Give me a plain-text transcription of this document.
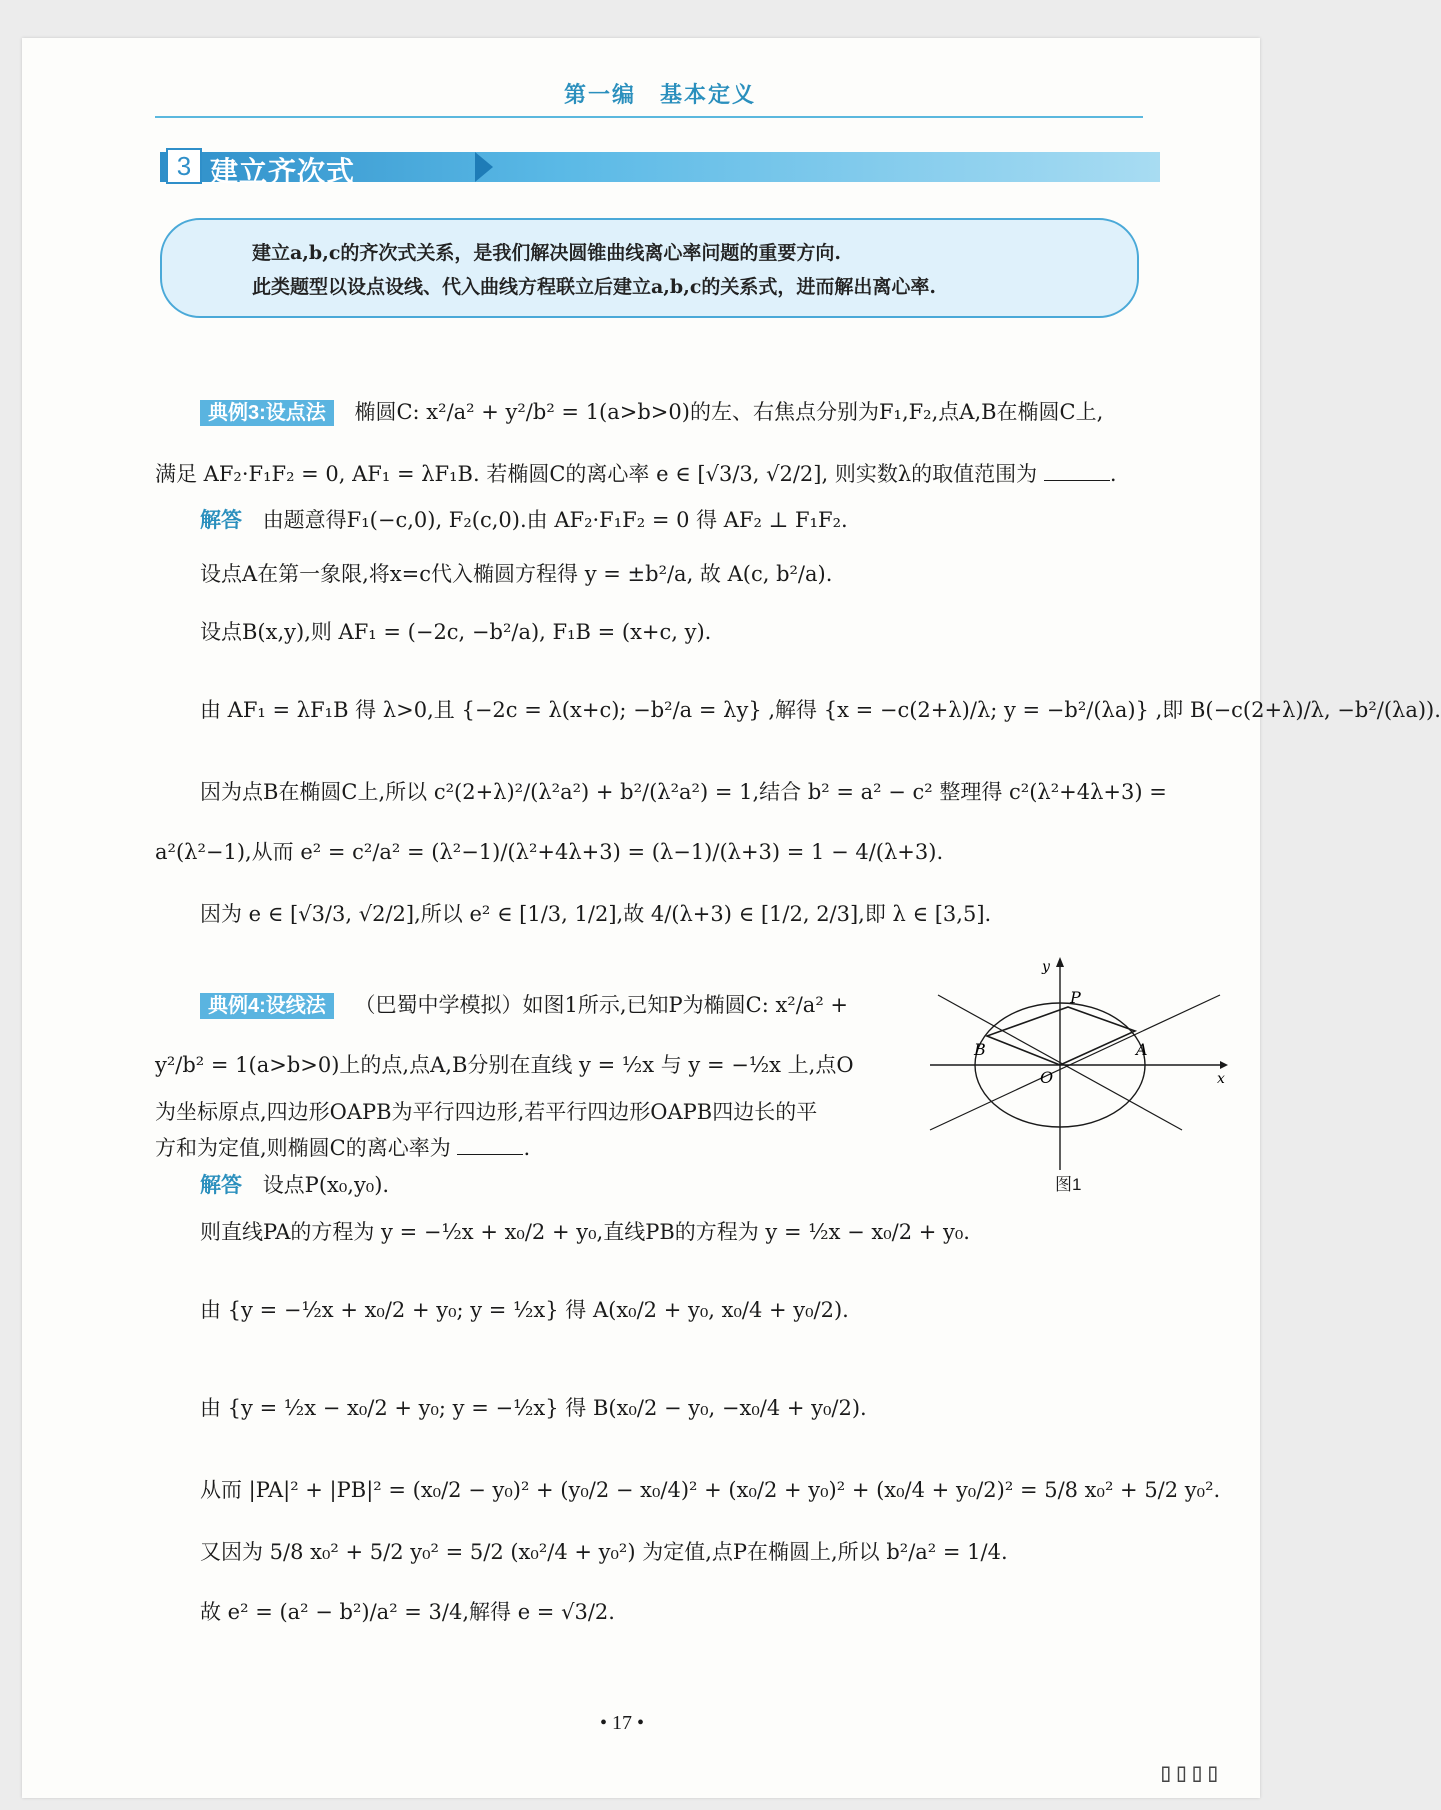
第一编　基本定义
3 建立齐次式

建立a,b,c的齐次式关系，是我们解决圆锥曲线离心率问题的重要方向.

此类题型以设点设线、代入曲线方程联立后建立a,b,c的关系式，进而解出离心率.

典例3:设点法 椭圆C: x²/a² + y²/b² = 1(a>b>0)的左、右焦点分别为F₁,F₂,点A,B在椭圆C上,
满足 AF₂·F₁F₂ = 0, AF₁ = λF₁B. 若椭圆C的离心率 e ∈ [√3/3, √2/2], 则实数λ的取值范围为	.
解答 由题意得F₁(−c,0), F₂(c,0).由 AF₂·F₁F₂ = 0 得 AF₂ ⊥ F₁F₂.
设点A在第一象限,将x=c代入椭圆方程得 y = ±b²/a, 故 A(c, b²/a).
设点B(x,y),则 AF₁ = (−2c, −b²/a), F₁B = (x+c, y).
由 AF₁ = λF₁B 得 λ>0,且 {−2c = λ(x+c); −b²/a = λy} ,解得 {x = −c(2+λ)/λ; y = −b²/(λa)} ,即 B(−c(2+λ)/λ, −b²/(λa)).
因为点B在椭圆C上,所以 c²(2+λ)²/(λ²a²) + b²/(λ²a²) = 1,结合 b² = a² − c² 整理得 c²(λ²+4λ+3) =
a²(λ²−1),从而 e² = c²/a² = (λ²−1)/(λ²+4λ+3) = (λ−1)/(λ+3) = 1 − 4/(λ+3).
因为 e ∈ [√3/3, √2/2],所以 e² ∈ [1/3, 1/2],故 4/(λ+3) ∈ [1/2, 2/3],即 λ ∈ [3,5].
典例4:设线法 （巴蜀中学模拟）如图1所示,已知P为椭圆C: x²/a² +
y²/b² = 1(a>b>0)上的点,点A,B分别在直线 y = ½x 与 y = −½x 上,点O
为坐标原点,四边形OAPB为平行四边形,若平行四边形OAPB四边长的平
方和为定值,则椭圆C的离心率为	.
解答 设点P(x₀,y₀).
则直线PA的方程为 y = −½x + x₀/2 + y₀,直线PB的方程为 y = ½x − x₀/2 + y₀.
由 {y = −½x + x₀/2 + y₀; y = ½x} 得 A(x₀/2 + y₀, x₀/4 + y₀/2).
由 {y = ½x − x₀/2 + y₀; y = −½x} 得 B(x₀/2 − y₀, −x₀/4 + y₀/2).
从而 |PA|² + |PB|² = (x₀/2 − y₀)² + (y₀/2 − x₀/4)² + (x₀/2 + y₀)² + (x₀/4 + y₀/2)² = 5/8 x₀² + 5/2 y₀².
又因为 5/8 x₀² + 5/2 y₀² = 5/2 (x₀²/4 + y₀²) 为定值,点P在椭圆上,所以 b²/a² = 1/4.
故 e² = (a² − b²)/a² = 3/4,解得 e = √3/2.
P
A
B
O	x
y
图1
• 17 •
▯▯▯▯
